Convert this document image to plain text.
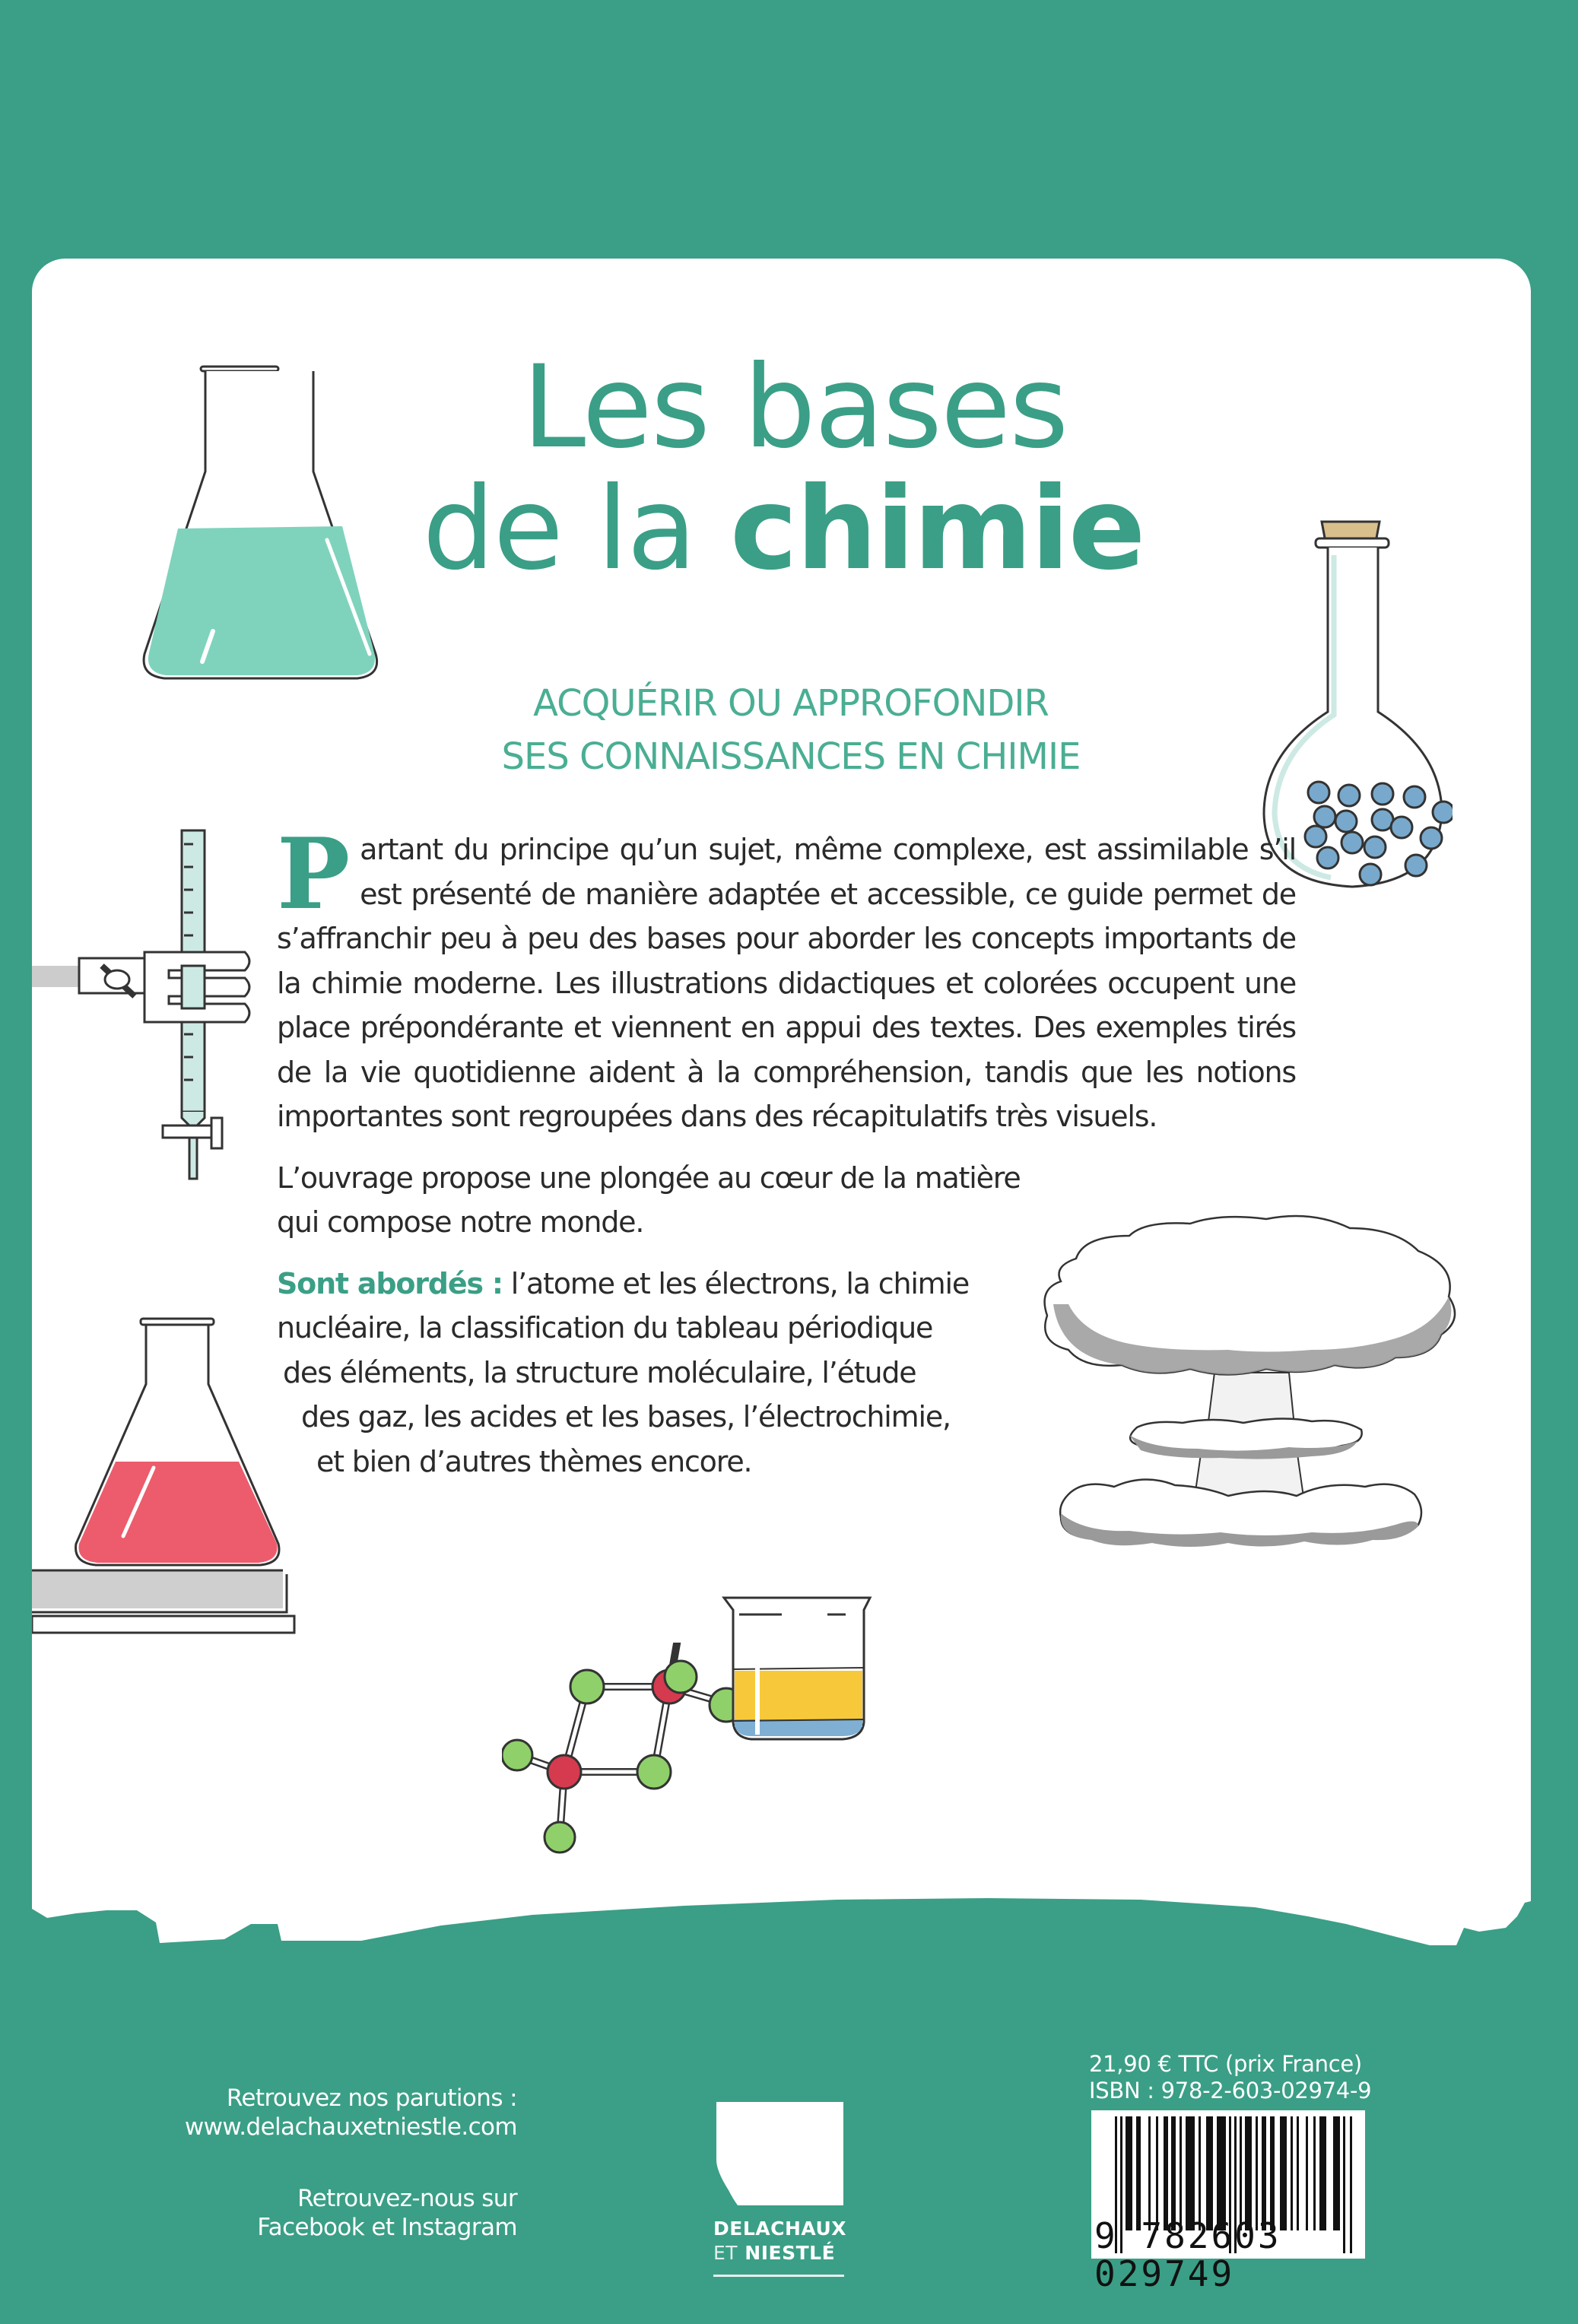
Les bases
de la chimie
ACQUÉRIR OU APPROFONDIR
SES CONNAISSANCES EN CHIMIE

Partant du principe qu’un sujet, même complexe, est assimilable s’il est présenté de manière adaptée et accessible, ce guide permet de s’affranchir peu à peu des bases pour aborder les concepts importants de la chimie moderne. Les illustrations didactiques et colorées occupent une place prépondérante et viennent en appui des textes. Des exemples tirés de la vie quotidienne aident à la compréhension, tandis que les notions importantes sont regroupées dans des récapitulatifs très visuels.

L’ouvrage propose une plongée au cœur de la matière
qui compose notre monde.

Sont abordés : l’atome et les électrons, la chimie
nucléaire, la classification du tableau périodique
des éléments, la structure moléculaire, l’étude
des gaz, les acides et les bases, l’électrochimie,
et bien d’autres thèmes encore.

Retrouvez nos parutions :
www.delachauxetniestle.com
Retrouvez-nous sur
Facebook et Instagram	DELACHAUX
ET NIESTLÉ
21,90 € TTC (prix France)
ISBN : 978-2-603-02974-9
9 782603 029749
